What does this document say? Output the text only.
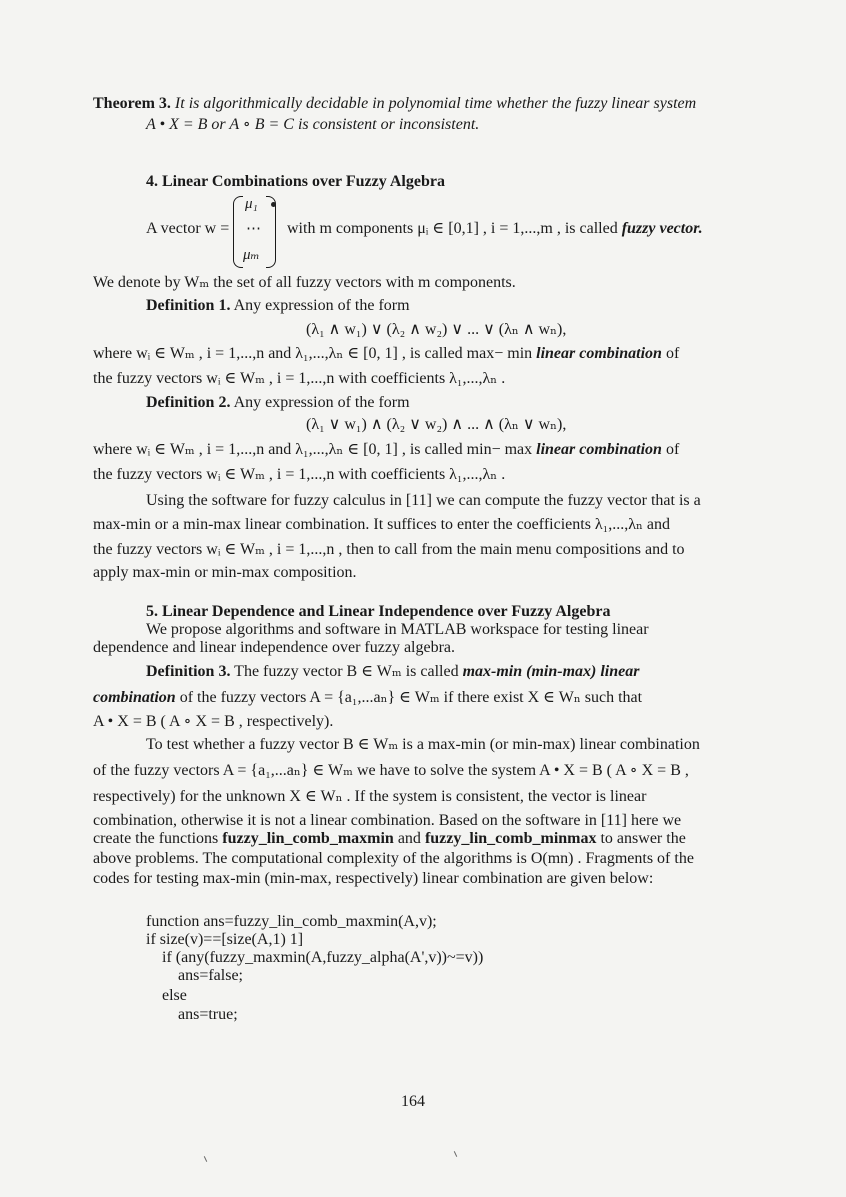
Theorem 3. It is algorithmically decidable in polynomial time whether the fuzzy linear system
A • X = B or A ∘ B = C is consistent or inconsistent.
4. Linear Combinations over Fuzzy Algebra
A vector w =
μ₁
⋯
μₘ
with m components μᵢ ∈ [0,1] , i = 1,...,m , is called fuzzy vector.
We denote by Wₘ the set of all fuzzy vectors with m components.
Definition 1. Any expression of the form
(λ₁ ∧ w₁) ∨ (λ₂ ∧ w₂) ∨ ... ∨ (λₙ ∧ wₙ),
where wᵢ ∈ Wₘ , i = 1,...,n and λ₁,...,λₙ ∈ [0, 1] , is called max− min linear combination of
the fuzzy vectors wᵢ ∈ Wₘ , i = 1,...,n with coefficients λ₁,...,λₙ .
Definition 2. Any expression of the form
(λ₁ ∨ w₁) ∧ (λ₂ ∨ w₂) ∧ ... ∧ (λₙ ∨ wₙ),
where wᵢ ∈ Wₘ , i = 1,...,n and λ₁,...,λₙ ∈ [0, 1] , is called min− max linear combination of
the fuzzy vectors wᵢ ∈ Wₘ , i = 1,...,n with coefficients λ₁,...,λₙ .
Using the software for fuzzy calculus in [11] we can compute the fuzzy vector that is a
max-min or a min-max linear combination. It suffices to enter the coefficients λ₁,...,λₙ and
the fuzzy vectors wᵢ ∈ Wₘ , i = 1,...,n , then to call from the main menu compositions and to
apply max-min or min-max composition.
5. Linear Dependence and Linear Independence over Fuzzy Algebra
We propose algorithms and software in MATLAB workspace for testing linear
dependence and linear independence over fuzzy algebra.
Definition 3. The fuzzy vector B ∈ Wₘ is called max-min (min-max) linear
combination of the fuzzy vectors A = {a₁,...aₙ} ∈ Wₘ if there exist X ∈ Wₙ such that
A • X = B ( A ∘ X = B , respectively).
To test whether a fuzzy vector B ∈ Wₘ is a max-min (or min-max) linear combination
of the fuzzy vectors A = {a₁,...aₙ} ∈ Wₘ we have to solve the system A • X = B ( A ∘ X = B ,
respectively) for the unknown X ∈ Wₙ . If the system is consistent, the vector is linear
combination, otherwise it is not a linear combination. Based on the software in [11] here we
create the functions fuzzy_lin_comb_maxmin and fuzzy_lin_comb_minmax to answer the
above problems. The computational complexity of the algorithms is O(mn) . Fragments of the
codes for testing max-min (min-max, respectively) linear combination are given below:
function ans=fuzzy_lin_comb_maxmin(A,v);
if size(v)==[size(A,1) 1]
if (any(fuzzy_maxmin(A,fuzzy_alpha(A',v))~=v))
ans=false;
else
ans=true;
164
